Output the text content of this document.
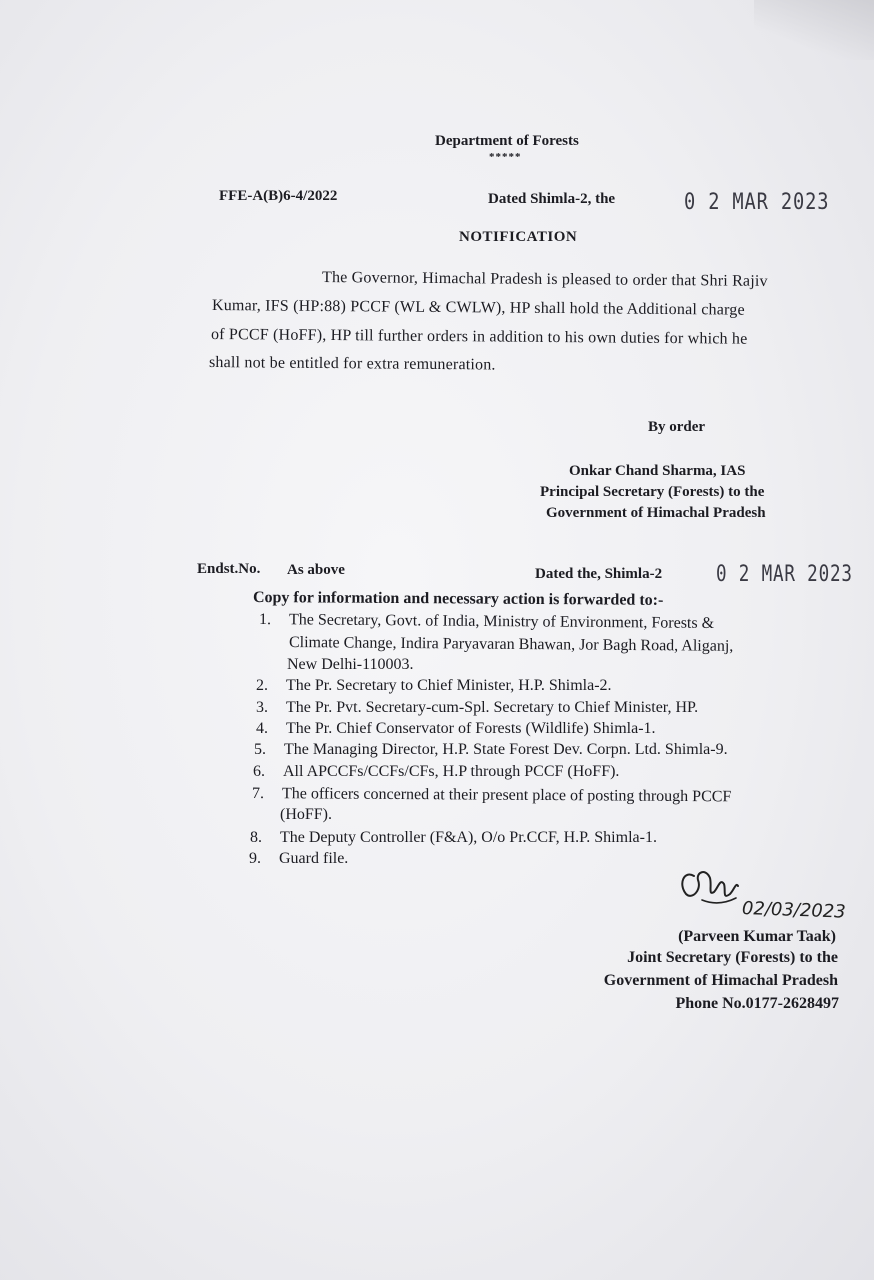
Department of Forests
*****
FFE-A(B)6-4/2022	Dated Shimla-2, the	0 2 MAR 2023
NOTIFICATION
The Governor, Himachal Pradesh is pleased to order that Shri Rajiv
Kumar, IFS (HP:88) PCCF (WL & CWLW), HP shall hold the Additional charge
of PCCF (HoFF), HP till further orders in addition to his own duties for which he
shall not be entitled for extra remuneration.
By order
Onkar Chand Sharma, IAS
Principal Secretary (Forests) to the
Government of Himachal Pradesh
Endst.No. As above	Dated the, Shimla-2 0 2 MAR 2023
Copy for information and necessary action is forwarded to:-
1. The Secretary, Govt. of India, Ministry of Environment, Forests &
Climate Change, Indira Paryavaran Bhawan, Jor Bagh Road, Aliganj,
New Delhi-110003.
2. The Pr. Secretary to Chief Minister, H.P. Shimla-2.
3. The Pr. Pvt. Secretary-cum-Spl. Secretary to Chief Minister, HP.
4. The Pr. Chief Conservator of Forests (Wildlife) Shimla-1.
5. The Managing Director, H.P. State Forest Dev. Corpn. Ltd. Shimla-9.
6. All APCCFs/CCFs/CFs, H.P through PCCF (HoFF).
7. The officers concerned at their present place of posting through PCCF
(HoFF).
8. The Deputy Controller (F&A), O/o Pr.CCF, H.P. Shimla-1.
9. Guard file.
02/03/2023
(Parveen Kumar Taak)
Joint Secretary (Forests) to the
Government of Himachal Pradesh
Phone No.0177-2628497
